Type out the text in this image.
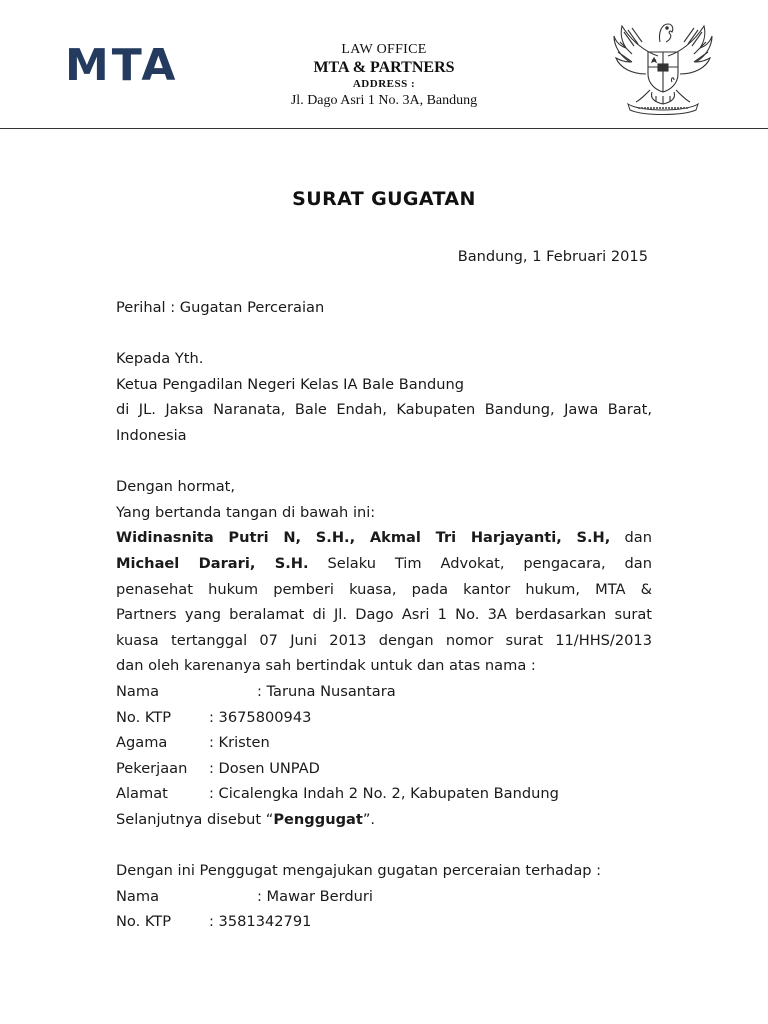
MTA	LAW OFFICE
MTA & PARTNERS
ADDRESS :
Jl. Dago Asri 1 No. 3A, Bandung
SURAT GUGATAN
Bandung, 1 Februari 2015
Perihal : Gugatan Perceraian
Kepada Yth.
Ketua Pengadilan Negeri Kelas IA Bale Bandung
di JL. Jaksa Naranata, Bale Endah, Kabupaten Bandung, Jawa Barat,
Indonesia
Dengan hormat,
Yang bertanda tangan di bawah ini:
Widinasnita Putri N, S.H., Akmal Tri Harjayanti, S.H, dan
Michael Darari, S.H. Selaku Tim Advokat, pengacara, dan
penasehat hukum pemberi kuasa, pada kantor hukum, MTA &
Partners yang beralamat di Jl. Dago Asri 1 No. 3A berdasarkan surat
kuasa tertanggal 07 Juni 2013 dengan nomor surat 11/HHS/2013
dan oleh karenanya sah bertindak untuk dan atas nama :
Nama	: Taruna Nusantara
No. KTP	: 3675800943
Agama	: Kristen
Pekerjaan : Dosen UNPAD
Alamat	: Cicalengka Indah 2 No. 2, Kabupaten Bandung
Selanjutnya disebut “Penggugat”.
Dengan ini Penggugat mengajukan gugatan perceraian terhadap :
Nama	: Mawar Berduri
No. KTP	: 3581342791
